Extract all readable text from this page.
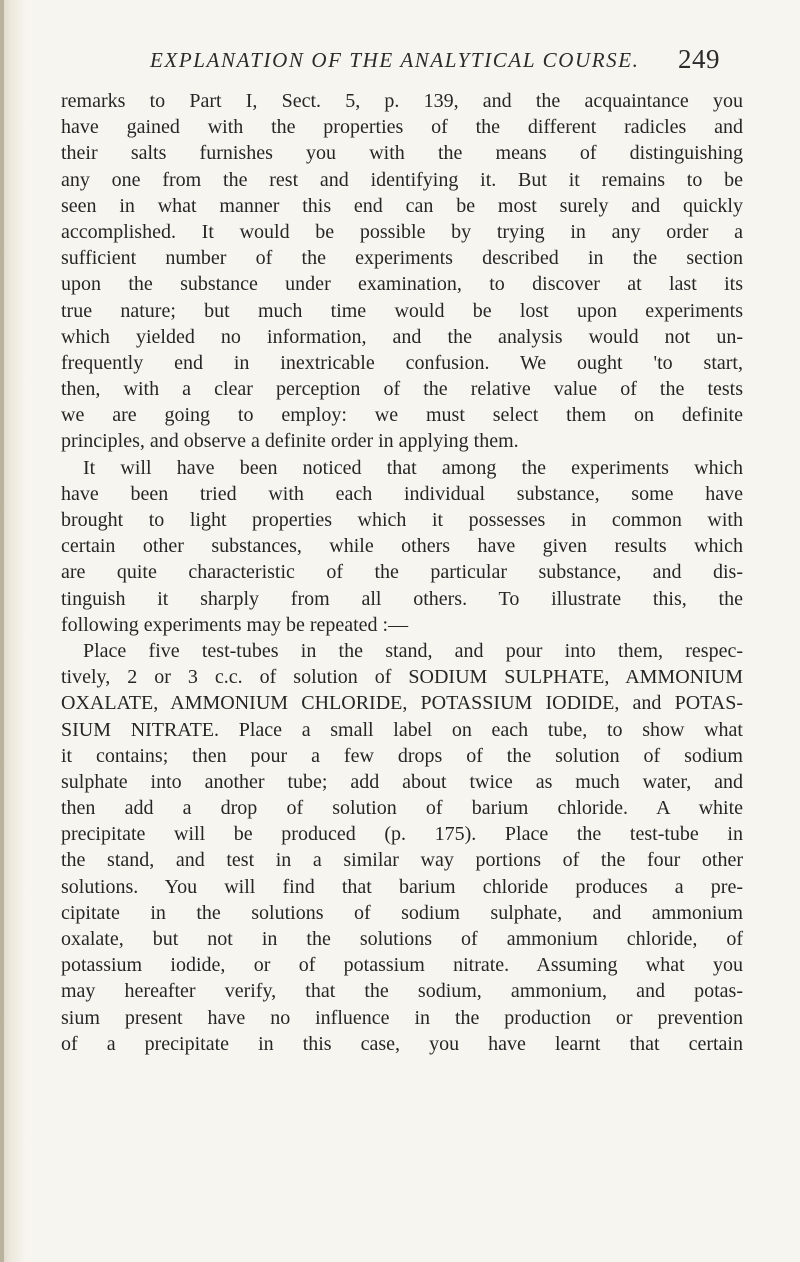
EXPLANATION OF THE ANALYTICAL COURSE. 249
remarks to Part I, Sect. 5, p. 139, and the acquaintance you
have gained with the properties of the different radicles and
their salts furnishes you with the means of distinguishing
any one from the rest and identifying it. But it remains to be
seen in what manner this end can be most surely and quickly
accomplished. It would be possible by trying in any order a
sufficient number of the experiments described in the section
upon the substance under examination, to discover at last its
true nature; but much time would be lost upon experiments
which yielded no information, and the analysis would not un-
frequently end in inextricable confusion. We ought 'to start,
then, with a clear perception of the relative value of the tests
we are going to employ: we must select them on definite
principles, and observe a definite order in applying them.
It will have been noticed that among the experiments which
have been tried with each individual substance, some have
brought to light properties which it possesses in common with
certain other substances, while others have given results which
are quite characteristic of the particular substance, and dis-
tinguish it sharply from all others. To illustrate this, the
following experiments may be repeated :—
Place five test-tubes in the stand, and pour into them, respec-
tively, 2 or 3 c.c. of solution of SODIUM SULPHATE, AMMONIUM
OXALATE, AMMONIUM CHLORIDE, POTASSIUM IODIDE, and POTAS-
SIUM NITRATE. Place a small label on each tube, to show what
it contains; then pour a few drops of the solution of sodium
sulphate into another tube; add about twice as much water, and
then add a drop of solution of barium chloride. A white
precipitate will be produced (p. 175). Place the test-tube in
the stand, and test in a similar way portions of the four other
solutions. You will find that barium chloride produces a pre-
cipitate in the solutions of sodium sulphate, and ammonium
oxalate, but not in the solutions of ammonium chloride, of
potassium iodide, or of potassium nitrate. Assuming what you
may hereafter verify, that the sodium, ammonium, and potas-
sium present have no influence in the production or prevention
of a precipitate in this case, you have learnt that certain
